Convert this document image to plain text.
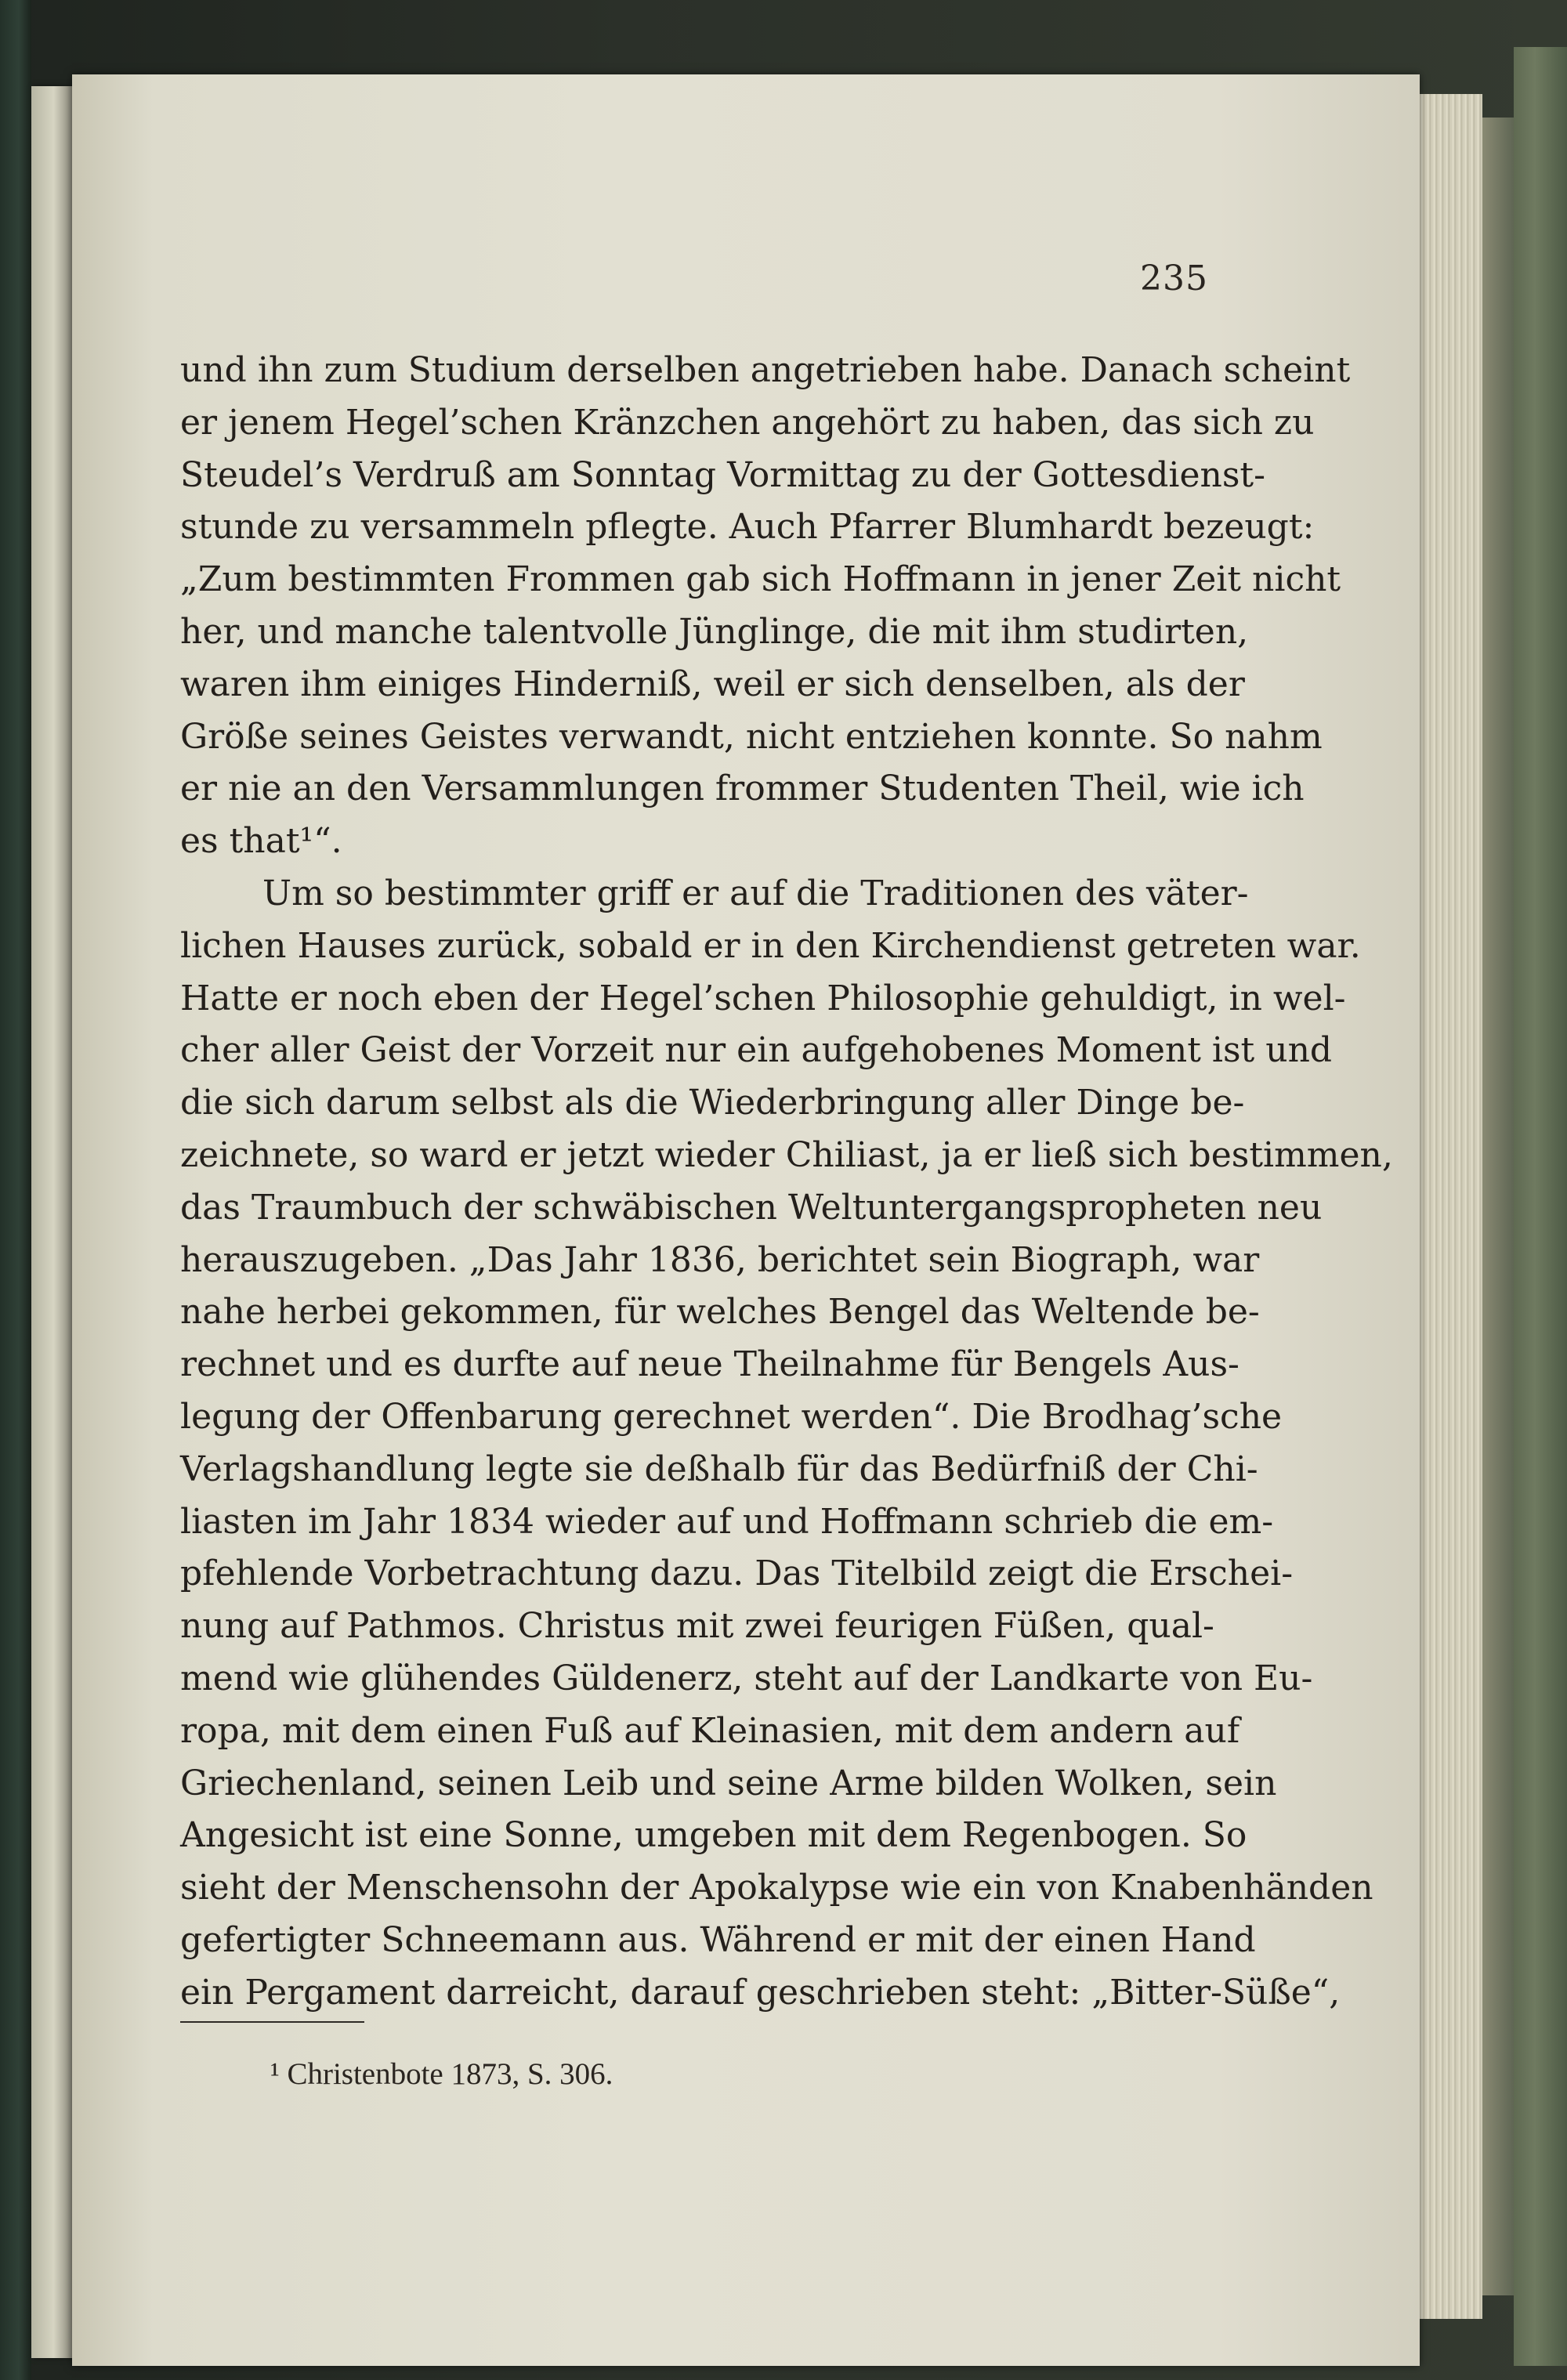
235
und ihn zum Studium derselben angetrieben habe. Danach scheint
er jenem Hegel’schen Kränzchen angehört zu haben, das sich zu
Steudel’s Verdruß am Sonntag Vormittag zu der Gottesdienst-
stunde zu versammeln pflegte. Auch Pfarrer Blumhardt bezeugt:
„Zum bestimmten Frommen gab sich Hoffmann in jener Zeit nicht
her, und manche talentvolle Jünglinge, die mit ihm studirten,
waren ihm einiges Hinderniß, weil er sich denselben, als der
Größe seines Geistes verwandt, nicht entziehen konnte. So nahm
er nie an den Versammlungen frommer Studenten Theil, wie ich
es that¹“.
Um so bestimmter griff er auf die Traditionen des väter-
lichen Hauses zurück, sobald er in den Kirchendienst getreten war.
Hatte er noch eben der Hegel’schen Philosophie gehuldigt, in wel-
cher aller Geist der Vorzeit nur ein aufgehobenes Moment ist und
die sich darum selbst als die Wiederbringung aller Dinge be-
zeichnete, so ward er jetzt wieder Chiliast, ja er ließ sich bestimmen,
das Traumbuch der schwäbischen Weltuntergangspropheten neu
herauszugeben. „Das Jahr 1836, berichtet sein Biograph, war
nahe herbei gekommen, für welches Bengel das Weltende be-
rechnet und es durfte auf neue Theilnahme für Bengels Aus-
legung der Offenbarung gerechnet werden“. Die Brodhag’sche
Verlagshandlung legte sie deßhalb für das Bedürfniß der Chi-
liasten im Jahr 1834 wieder auf und Hoffmann schrieb die em-
pfehlende Vorbetrachtung dazu. Das Titelbild zeigt die Erschei-
nung auf Pathmos. Christus mit zwei feurigen Füßen, qual-
mend wie glühendes Güldenerz, steht auf der Landkarte von Eu-
ropa, mit dem einen Fuß auf Kleinasien, mit dem andern auf
Griechenland, seinen Leib und seine Arme bilden Wolken, sein
Angesicht ist eine Sonne, umgeben mit dem Regenbogen. So
sieht der Menschensohn der Apokalypse wie ein von Knabenhänden
gefertigter Schneemann aus. Während er mit der einen Hand
ein Pergament darreicht, darauf geschrieben steht: „Bitter-Süße“,
¹ Christenbote 1873, S. 306.
